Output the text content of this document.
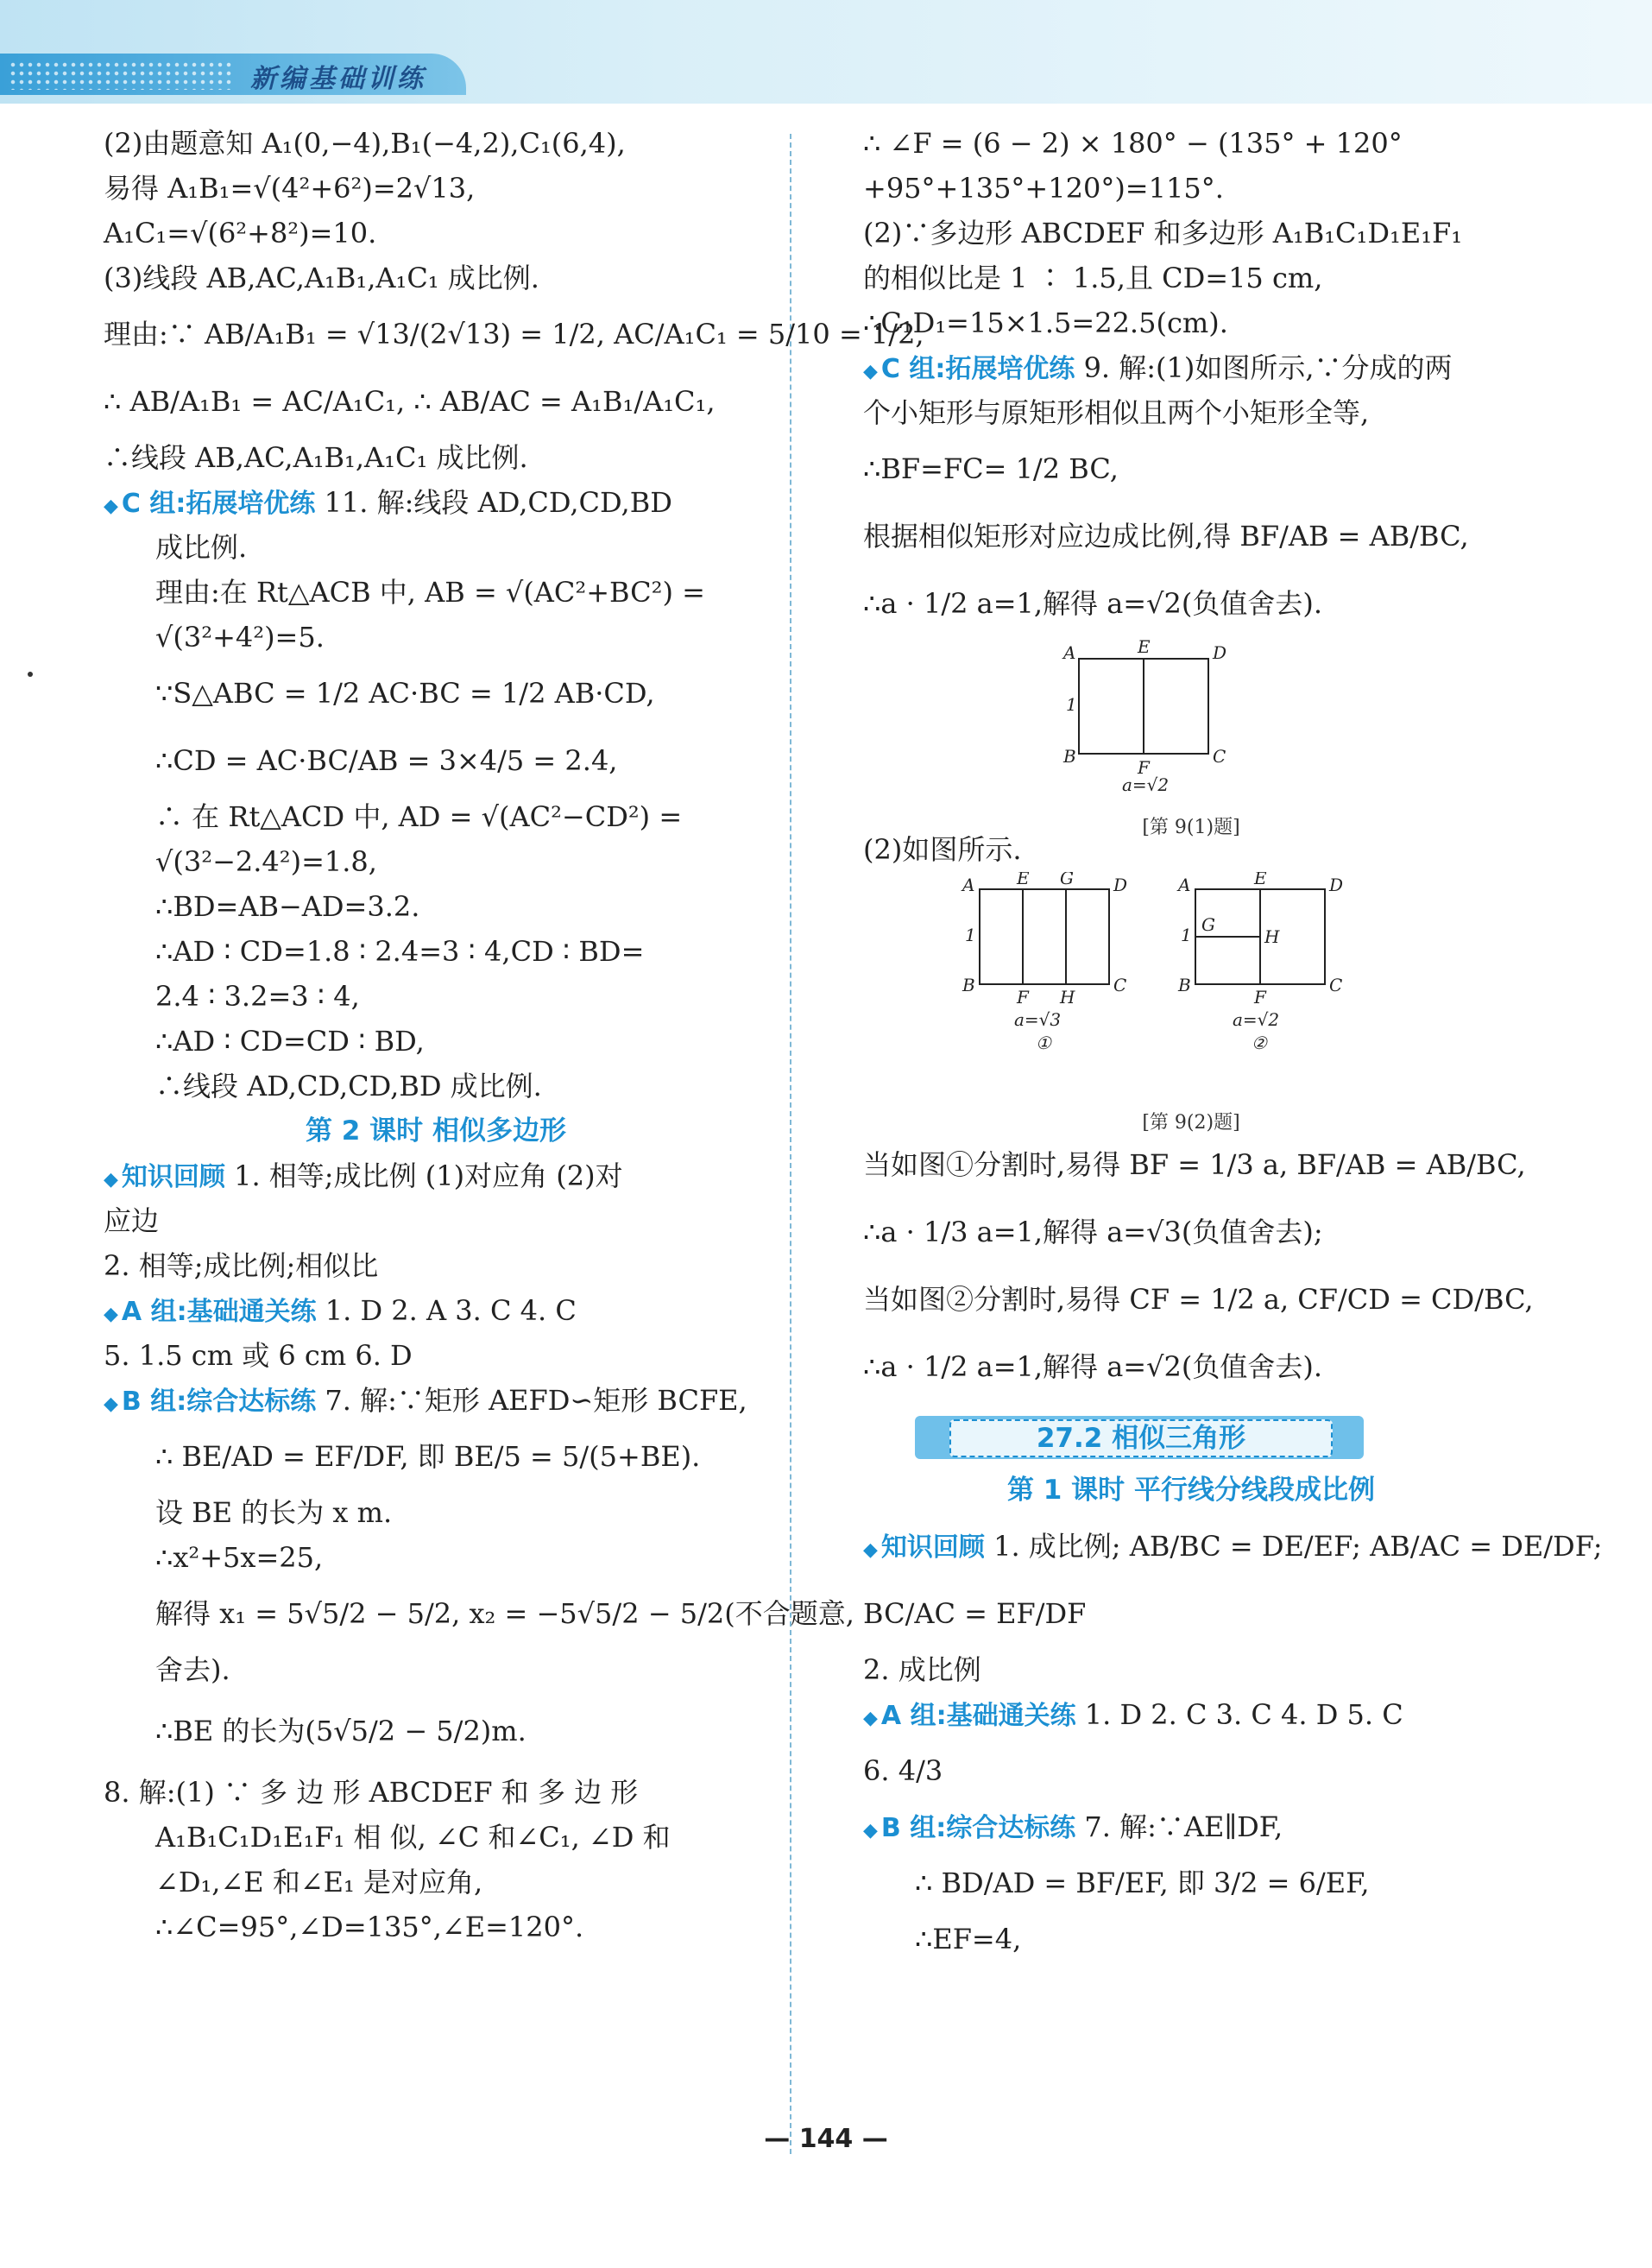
新编基础训练
(2)由题意知 A₁(0,−4),B₁(−4,2),C₁(6,4),
易得 A₁B₁=√(4²+6²)=2√13,
A₁C₁=√(6²+8²)=10.
(3)线段 AB,AC,A₁B₁,A₁C₁ 成比例.
理由:∵ AB/A₁B₁ = √13/(2√13) = 1/2, AC/A₁C₁ = 5/10 = 1/2,
∴ AB/A₁B₁ = AC/A₁C₁, ∴ AB/AC = A₁B₁/A₁C₁,
∴线段 AB,AC,A₁B₁,A₁C₁ 成比例.
◆ C 组:拓展培优练 11. 解:线段 AD,CD,CD,BD
成比例.
理由:在 Rt△ACB 中, AB = √(AC²+BC²) =
√(3²+4²)=5.
∵S△ABC = 1/2 AC·BC = 1/2 AB·CD,
∴CD = AC·BC/AB = 3×4/5 = 2.4,
∴ 在 Rt△ACD 中, AD = √(AC²−CD²) =
√(3²−2.4²)=1.8,
∴BD=AB−AD=3.2.
∴AD ∶ CD=1.8 ∶ 2.4=3 ∶ 4,CD ∶ BD=
2.4 ∶ 3.2=3 ∶ 4,
∴AD ∶ CD=CD ∶ BD,
∴线段 AD,CD,CD,BD 成比例.
第 2 课时 相似多边形
◆ 知识回顾 1. 相等;成比例 (1)对应角 (2)对
应边
2. 相等;成比例;相似比
◆ A 组:基础通关练 1. D 2. A 3. C 4. C
5. 1.5 cm 或 6 cm 6. D
◆ B 组:综合达标练 7. 解:∵矩形 AEFD∽矩形 BCFE,
∴ BE/AD = EF/DF, 即 BE/5 = 5/(5+BE).
设 BE 的长为 x m.
∴x²+5x=25,
解得 x₁ = 5√5/2 − 5/2, x₂ = −5√5/2 − 5/2(不合题意,
舍去).
∴BE 的长为(5√5/2 − 5/2)m.
8. 解:(1) ∵ 多 边 形 ABCDEF 和 多 边 形
A₁B₁C₁D₁E₁F₁ 相 似, ∠C 和∠C₁, ∠D 和
∠D₁,∠E 和∠E₁ 是对应角,
∴∠C=95°,∠D=135°,∠E=120°.
∴ ∠F = (6 − 2) × 180° − (135° + 120°
+95°+135°+120°)=115°.
(2)∵多边形 ABCDEF 和多边形 A₁B₁C₁D₁E₁F₁
的相似比是 1 ∶ 1.5,且 CD=15 cm,
∴C₁D₁=15×1.5=22.5(cm).
◆ C 组:拓展培优练 9. 解:(1)如图所示,∵分成的两
个小矩形与原矩形相似且两个小矩形全等,
∴BF=FC= 1/2 BC,
根据相似矩形对应边成比例,得 BF/AB = AB/BC,
∴a · 1/2 a=1,解得 a=√2(负值舍去).
A	E	D
B
F
C
1
a=√2
[第 9(1)题]
(2)如图所示.
A E G D
B
F H
C
1
a=√3
①
A	E	D
G
H
B
F
C
1
a=√2
②
[第 9(2)题]
当如图①分割时,易得 BF = 1/3 a, BF/AB = AB/BC,
∴a · 1/3 a=1,解得 a=√3(负值舍去);
当如图②分割时,易得 CF = 1/2 a, CF/CD = CD/BC,
∴a · 1/2 a=1,解得 a=√2(负值舍去).
27.2 相似三角形
第 1 课时 平行线分线段成比例
◆ 知识回顾 1. 成比例; AB/BC = DE/EF; AB/AC = DE/DF;
BC/AC = EF/DF
2. 成比例
◆ A 组:基础通关练 1. D 2. C 3. C 4. D 5. C
6. 4/3
◆ B 组:综合达标练 7. 解:∵AE∥DF,
∴ BD/AD = BF/EF, 即 3/2 = 6/EF,
∴EF=4,
— 144 —
